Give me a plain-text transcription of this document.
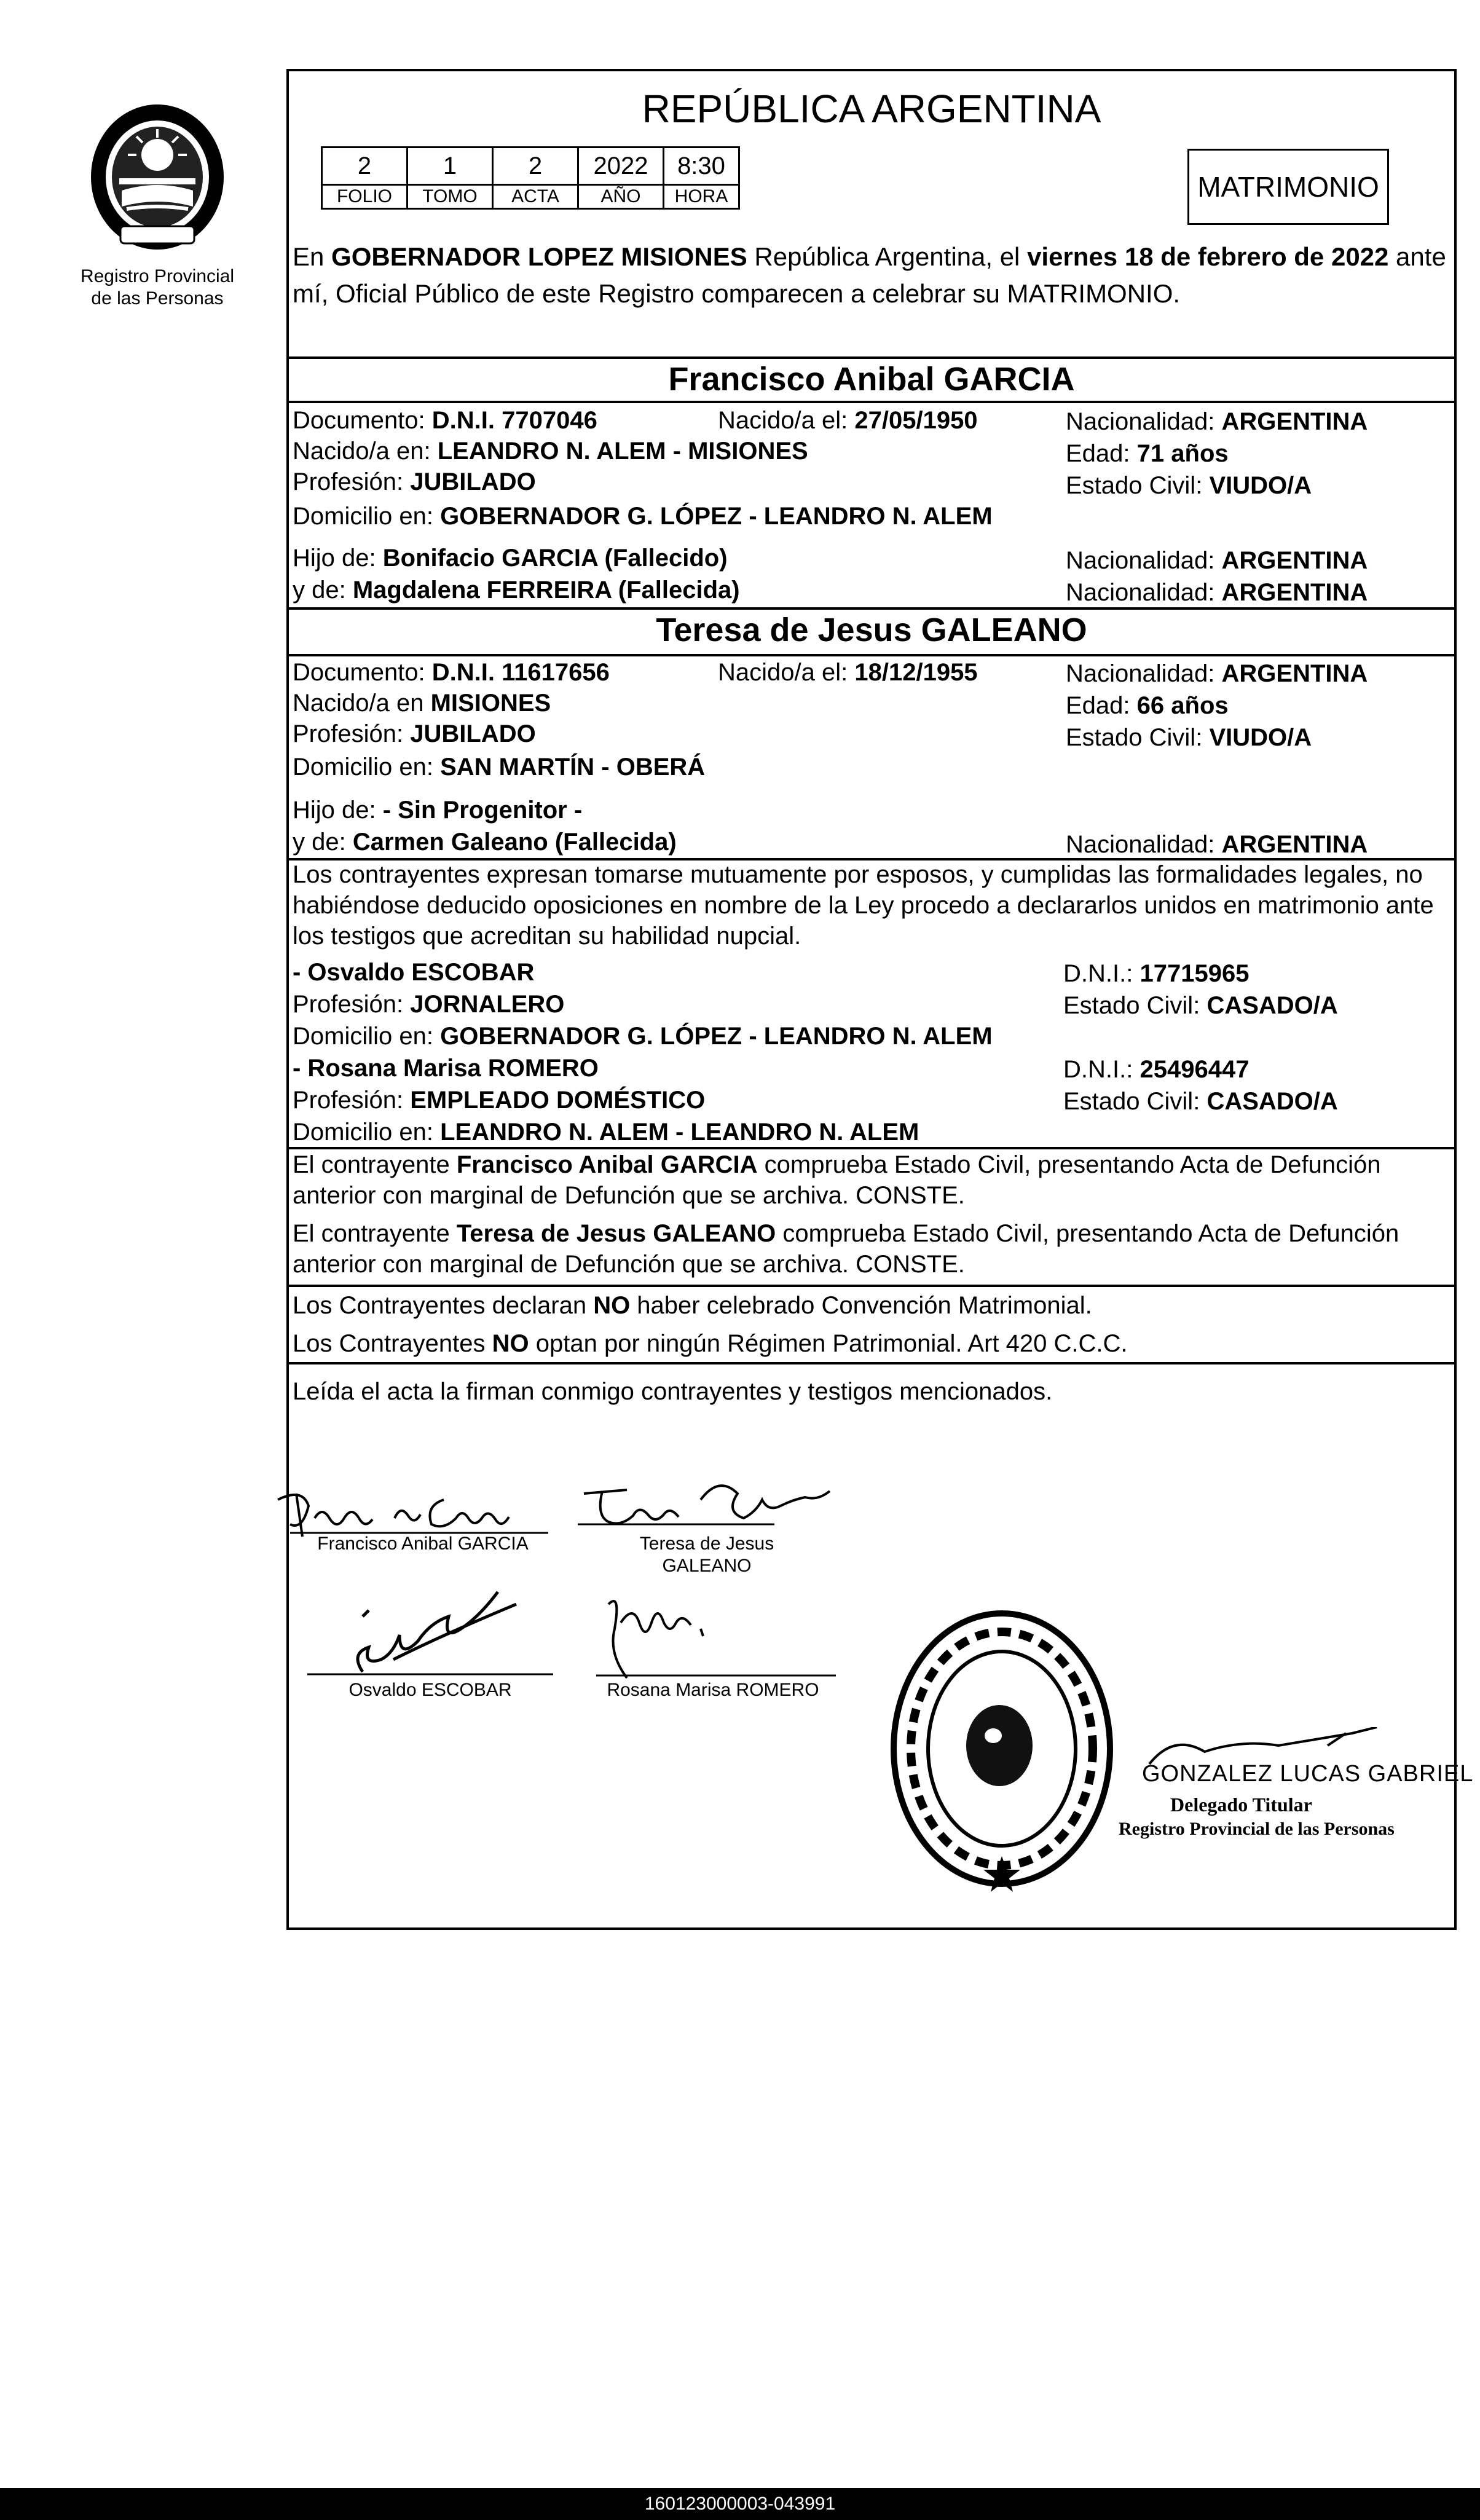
Registro Provincial
de las Personas
REPÚBLICA ARGENTINA
2	1	2	2022	8:30
FOLIO	TOMO	ACTA	AÑO	HORA	MATRIMONIO
En GOBERNADOR LOPEZ MISIONES República Argentina, el viernes 18 de febrero de 2022 ante mí, Oficial Público de este Registro comparecen a celebrar su MATRIMONIO.
Francisco Anibal GARCIA
Documento: D.N.I. 7707046	Nacido/a el: 27/05/1950	Nacionalidad: ARGENTINA
Nacido/a en: LEANDRO N. ALEM - MISIONES	Edad: 71 años
Profesión: JUBILADO	Estado Civil: VIUDO/A
Domicilio en: GOBERNADOR G. LÓPEZ - LEANDRO N. ALEM
Hijo de: Bonifacio GARCIA (Fallecido)	Nacionalidad: ARGENTINA
y de: Magdalena FERREIRA (Fallecida)	Nacionalidad: ARGENTINA
Teresa de Jesus GALEANO
Documento: D.N.I. 11617656	Nacido/a el: 18/12/1955	Nacionalidad: ARGENTINA
Nacido/a en MISIONES	Edad: 66 años
Profesión: JUBILADO	Estado Civil: VIUDO/A
Domicilio en: SAN MARTÍN - OBERÁ
Hijo de: - Sin Progenitor -
y de: Carmen Galeano (Fallecida)	Nacionalidad: ARGENTINA
Los contrayentes expresan tomarse mutuamente por esposos, y cumplidas las formalidades legales, no habiéndose deducido oposiciones en nombre de la Ley procedo a declararlos unidos en matrimonio ante los testigos que acreditan su habilidad nupcial.
- Osvaldo ESCOBAR	D.N.I.: 17715965
Profesión: JORNALERO	Estado Civil: CASADO/A
Domicilio en: GOBERNADOR G. LÓPEZ - LEANDRO N. ALEM
- Rosana Marisa ROMERO	D.N.I.: 25496447
Profesión: EMPLEADO DOMÉSTICO	Estado Civil: CASADO/A
Domicilio en: LEANDRO N. ALEM - LEANDRO N. ALEM
El contrayente Francisco Anibal GARCIA comprueba Estado Civil, presentando Acta de Defunción anterior con marginal de Defunción que se archiva. CONSTE.
El contrayente Teresa de Jesus GALEANO comprueba Estado Civil, presentando Acta de Defunción anterior con marginal de Defunción que se archiva. CONSTE.
Los Contrayentes declaran NO haber celebrado Convención Matrimonial.
Los Contrayentes NO optan por ningún Régimen Patrimonial. Art 420 C.C.C.
Leída el acta la firman conmigo contrayentes y testigos mencionados.
Francisco Anibal GARCIA	Teresa de Jesus
GALEANO
Osvaldo ESCOBAR	Rosana Marisa ROMERO
GONZALEZ LUCAS GABRIEL
Delegado Titular
Registro Provincial de las Personas
160123000003-043991
